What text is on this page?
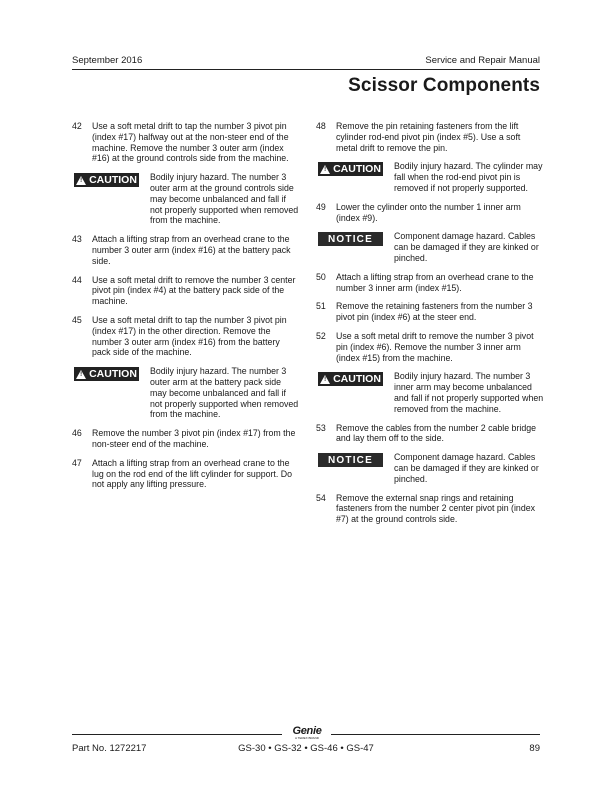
September 2016	Service and Repair Manual
Scissor Components
42	Use a soft metal drift to tap the number 3 pivot pin (index #17) halfway out at the non-steer end of the machine. Remove the number 3 outer arm (index #16) at the ground controls side from the machine.
! CAUTION Bodily injury hazard. The number 3 outer arm at the ground controls side may become unbalanced and fall if not properly supported when removed from the machine.
43	Attach a lifting strap from an overhead crane to the number 3 outer arm (index #16) at the battery pack side.
44	Use a soft metal drift to remove the number 3 center pivot pin (index #4) at the battery pack side of the machine.
45	Use a soft metal drift to tap the number 3 pivot pin (index #17) in the other direction. Remove the number 3 outer arm (index #16) from the battery pack side of the machine.
! CAUTION Bodily injury hazard. The number 3 outer arm at the battery pack side may become unbalanced and fall if not properly supported when removed from the machine.
46	Remove the number 3 pivot pin (index #17) from the non-steer end of the machine.
47	Attach a lifting strap from an overhead crane to the lug on the rod end of the lift cylinder for support. Do not apply any lifting pressure.
48	Remove the pin retaining fasteners from the lift cylinder rod-end pivot pin (index #5). Use a soft metal drift to remove the pin.
! CAUTION Bodily injury hazard. The cylinder may fall when the rod-end pivot pin is removed if not properly supported.
49	Lower the cylinder onto the number 1 inner arm (index #9).
NOTICE Component damage hazard. Cables can be damaged if they are kinked or pinched.
50	Attach a lifting strap from an overhead crane to the number 3 inner arm (index #15).
51	Remove the retaining fasteners from the number 3 pivot pin (index #6) at the steer end.
52	Use a soft metal drift to remove the number 3 pivot pin (index #6). Remove the number 3 inner arm (index #15) from the machine.
! CAUTION Bodily injury hazard. The number 3 inner arm may become unbalanced and fall if not properly supported when removed from the machine.
53	Remove the cables from the number 2 cable bridge and lay them off to the side.
NOTICE Component damage hazard. Cables can be damaged if they are kinked or pinched.
54	Remove the external snap rings and retaining fasteners from the number 2 center pivot pin (index #7) at the ground controls side.
Genie
A TEREX BRAND
Part No. 1272217	GS-30 • GS-32 • GS-46 • GS-47	89
